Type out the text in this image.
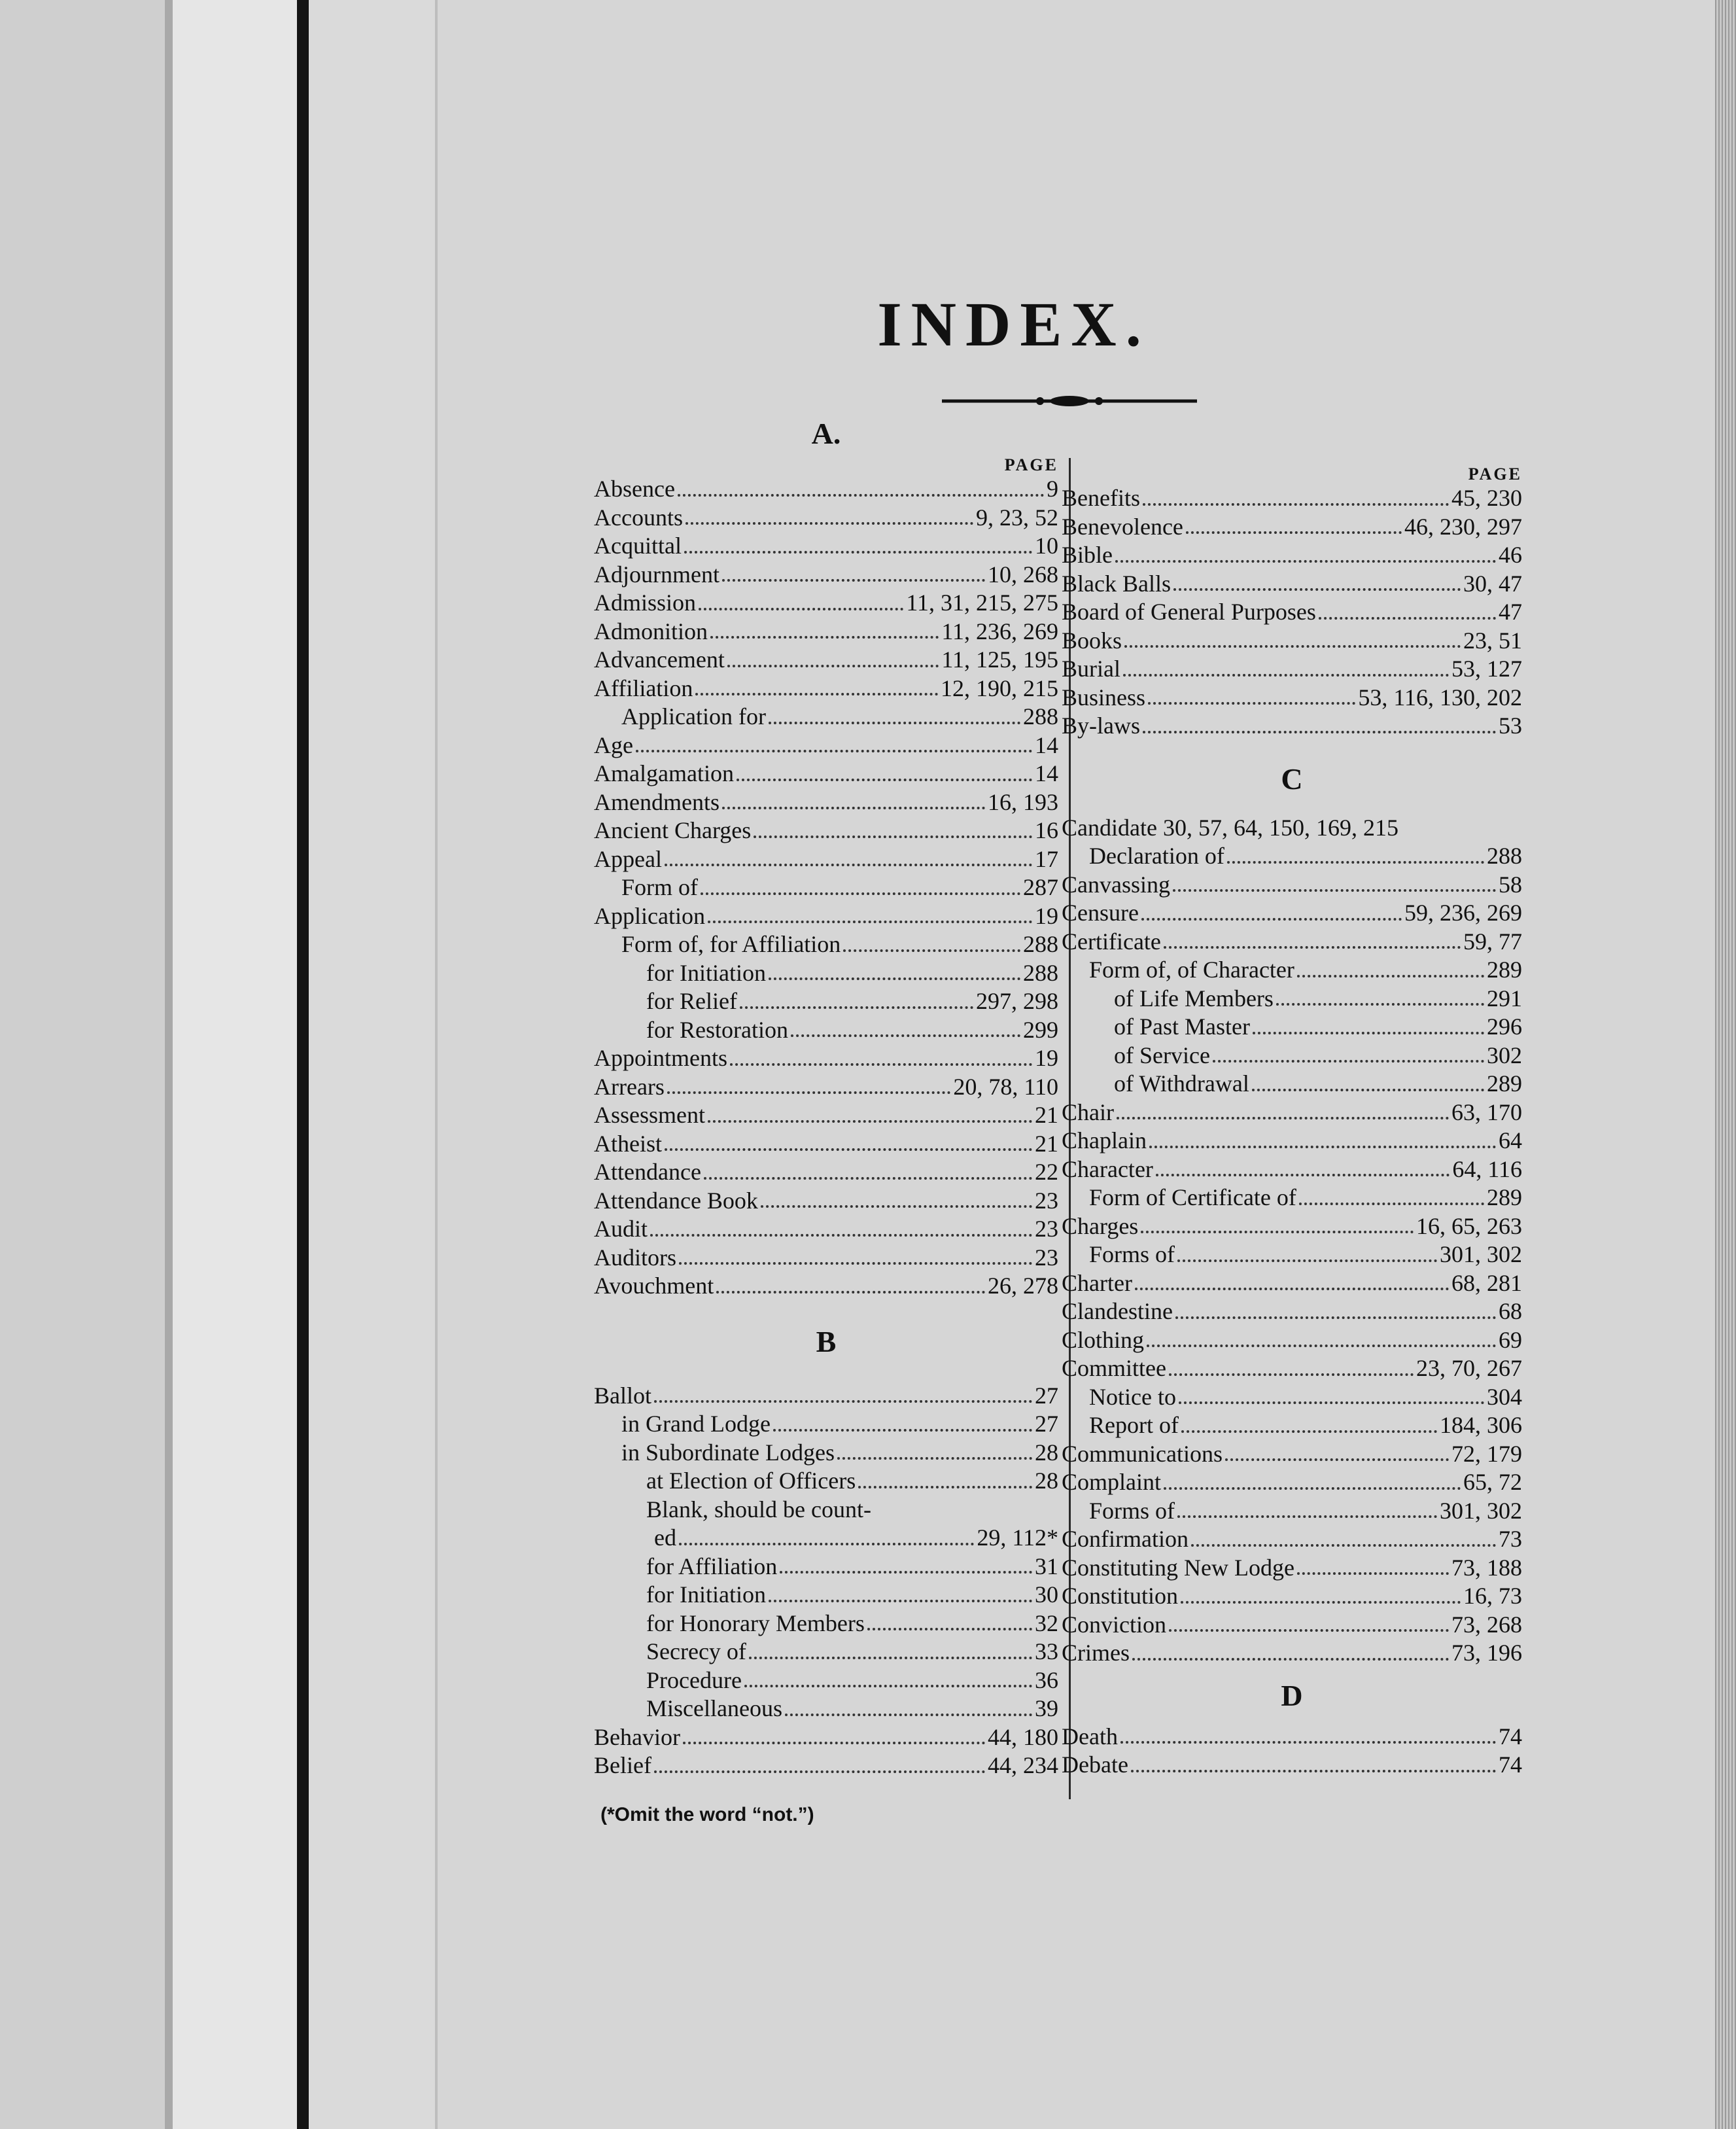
INDEX.
A.
PAGE
Absence	9
Accounts	9, 23, 52
Acquittal	10
Adjournment	10, 268
Admission	11, 31, 215, 275
Admonition	11, 236, 269
Advancement	11, 125, 195
Affiliation	12, 190, 215
Application for	288
Age	14
Amalgamation	14
Amendments	16, 193
Ancient Charges	16
Appeal	17
Form of	287
Application	19
Form of, for Affiliation	288
for Initiation	288
for Relief	297, 298
for Restoration	299
Appointments	19
Arrears	20, 78, 110
Assessment	21
Atheist	21
Attendance	22
Attendance Book	23
Audit	23
Auditors	23
Avouchment	26, 278
B
Ballot	27
in Grand Lodge	27
in Subordinate Lodges	28
at Election of Officers	28
Blank, should be count-
ed	29, 112*
for Affiliation	31
for Initiation	30
for Honorary Members	32
Secrecy of	33
Procedure	36
Miscellaneous	39
Behavior	44, 180
Belief	44, 234
PAGE
Benefits	45, 230
Benevolence	46, 230, 297
Bible	46
Black Balls	30, 47
Board of General Purposes	47
Books	23, 51
Burial	53, 127
Business	53, 116, 130, 202
By-laws	53
C
Candidate 30, 57, 64, 150, 169, 215
Declaration of	288
Canvassing	58
Censure	59, 236, 269
Certificate	59, 77
Form of, of Character	289
of Life Members	291
of Past Master	296
of Service	302
of Withdrawal	289
Chair	63, 170
Chaplain	64
Character	64, 116
Form of Certificate of	289
Charges	16, 65, 263
Forms of	301, 302
Charter	68, 281
Clandestine	68
Clothing	69
Committee	23, 70, 267
Notice to	304
Report of	184, 306
Communications	72, 179
Complaint	65, 72
Forms of	301, 302
Confirmation	73
Constituting New Lodge	73, 188
Constitution	16, 73
Conviction	73, 268
Crimes	73, 196
D
Death	74
Debate	74
(*Omit the word “not.”)
